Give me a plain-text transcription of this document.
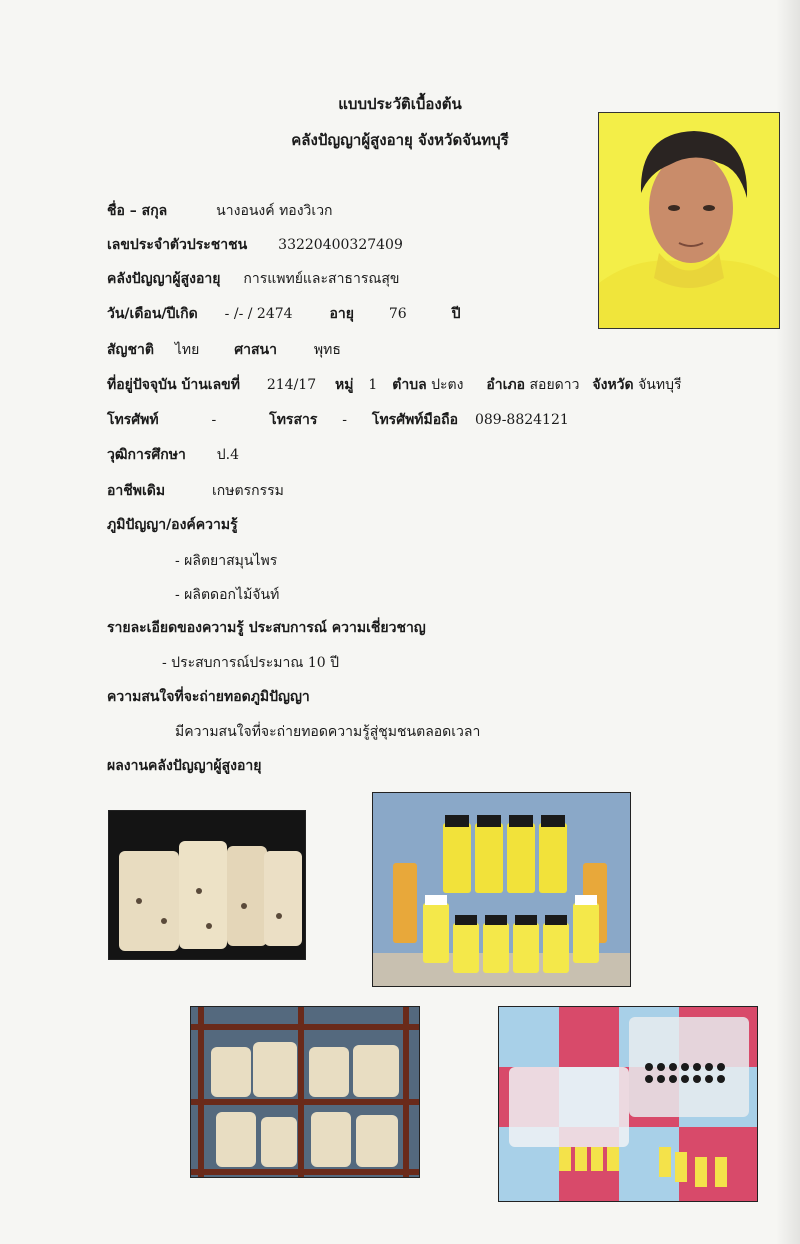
แบบประวัติเบื้องต้น
คลังปัญญาผู้สูงอายุ จังหวัดจันทบุรี
ชื่อ – สกุล	นางอนงค์ ทองวิเวก
เลขประจำตัวประชาชน 33220400327409
คลังปัญญาผู้สูงอายุ การแพทย์และสาธารณสุข
วัน/เดือน/ปีเกิด - /- / 2474	อายุ 76	ปี
สัญชาติ ไทย ศาสนา	พุทธ
ที่อยู่ปัจจุบัน บ้านเลขที่ 214/17 หมู่ 1 ตำบล ปะตง อำเภอ สอยดาว จังหวัด จันทบุรี
โทรศัพท์	-	โทรสาร - โทรศัพท์มือถือ 089-8824121
วุฒิการศึกษา ป.4
อาชีพเดิม	เกษตรกรรม
ภูมิปัญญา/องค์ความรู้
- ผลิตยาสมุนไพร
- ผลิตดอกไม้จันท์
รายละเอียดของความรู้ ประสบการณ์ ความเชี่ยวชาญ
- ประสบการณ์ประมาณ 10 ปี
ความสนใจที่จะถ่ายทอดภูมิปัญญา
มีความสนใจที่จะถ่ายทอดความรู้สู่ชุมชนตลอดเวลา
ผลงานคลังปัญญาผู้สูงอายุ
